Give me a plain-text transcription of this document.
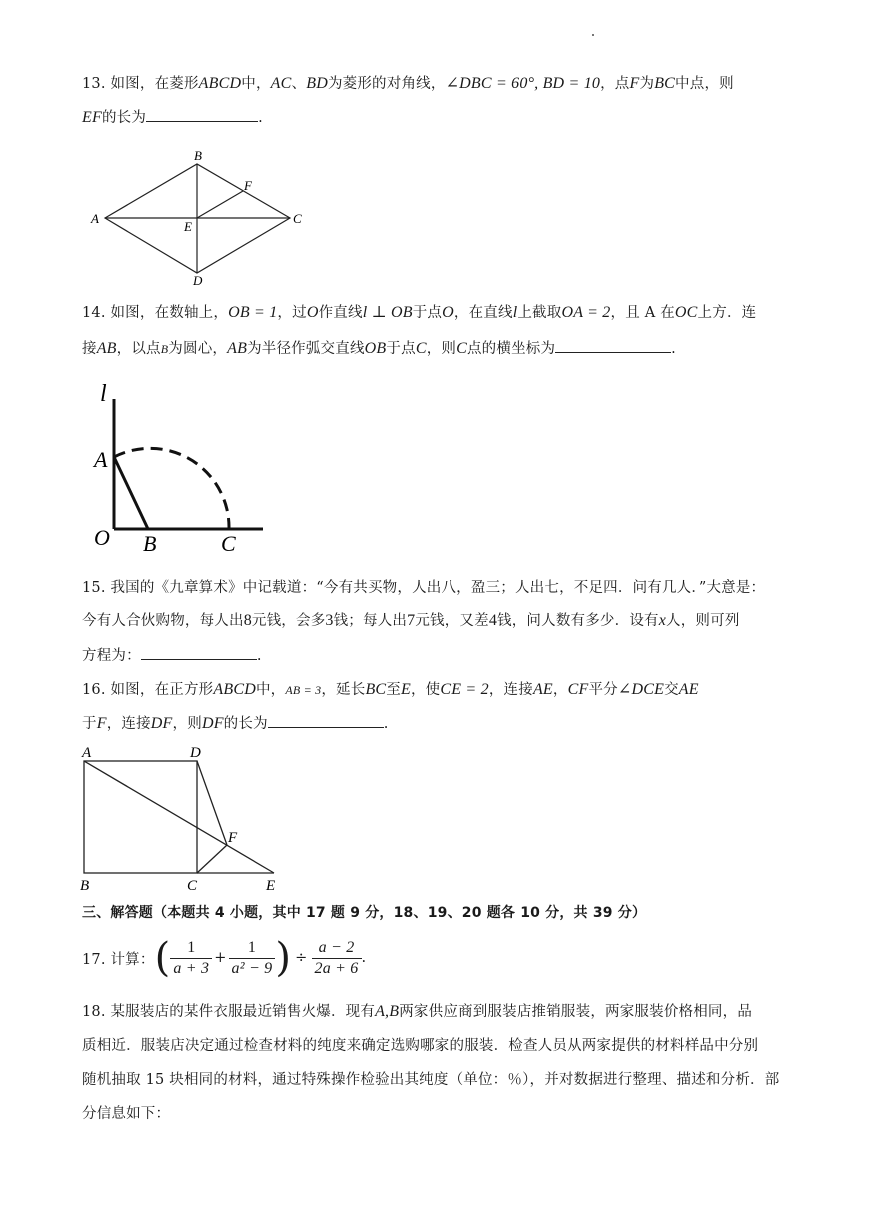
13. 如图，在菱形ABCD中，AC、BD为菱形的对角线，∠DBC = 60°, BD = 10，点F为BC中点，则
EF的长为	.
A
B
C
D
E
F
14. 如图，在数轴上，OB = 1，过O作直线l ⊥ OB于点O，在直线l上截取OA = 2，且 A 在OC上方．连
接AB，以点B为圆心，AB为半径作弧交直线OB于点C，则C点的横坐标为	.
l
A
O B	C
15. 我国的《九章算术》中记载道：“今有共买物，人出八，盈三；人出七，不足四．问有几人．”大意是：
今有人合伙购物，每人出8元钱，会多3钱；每人出7元钱，又差4钱，问人数有多少．设有x人，则可列
方程为：	.
16. 如图，在正方形ABCD中，AB = 3，延长BC至E，使CE = 2，连接AE，CF平分∠DCE交AE
于F，连接DF，则DF的长为	.
A	D
F
B	C	E
三、解答题（本题共 4 小题，其中 17 题 9 分，18、19、20 题各 10 分，共 39 分）
17. 计算： ( $\frac{1}{a + 3} + \frac{1}{\text{a² − 9}}$ ) ÷ $\frac{a - 2}{2a + 6}$ .
18. 某服装店的某件衣服最近销售火爆．现有A,B两家供应商到服装店推销服装，两家服装价格相同，品
质相近．服装店决定通过检查材料的纯度来确定选购哪家的服装．检查人员从两家提供的材料样品中分别
随机抽取 15 块相同的材料，通过特殊操作检验出其纯度（单位：％），并对数据进行整理、描述和分析．部
分信息如下：
